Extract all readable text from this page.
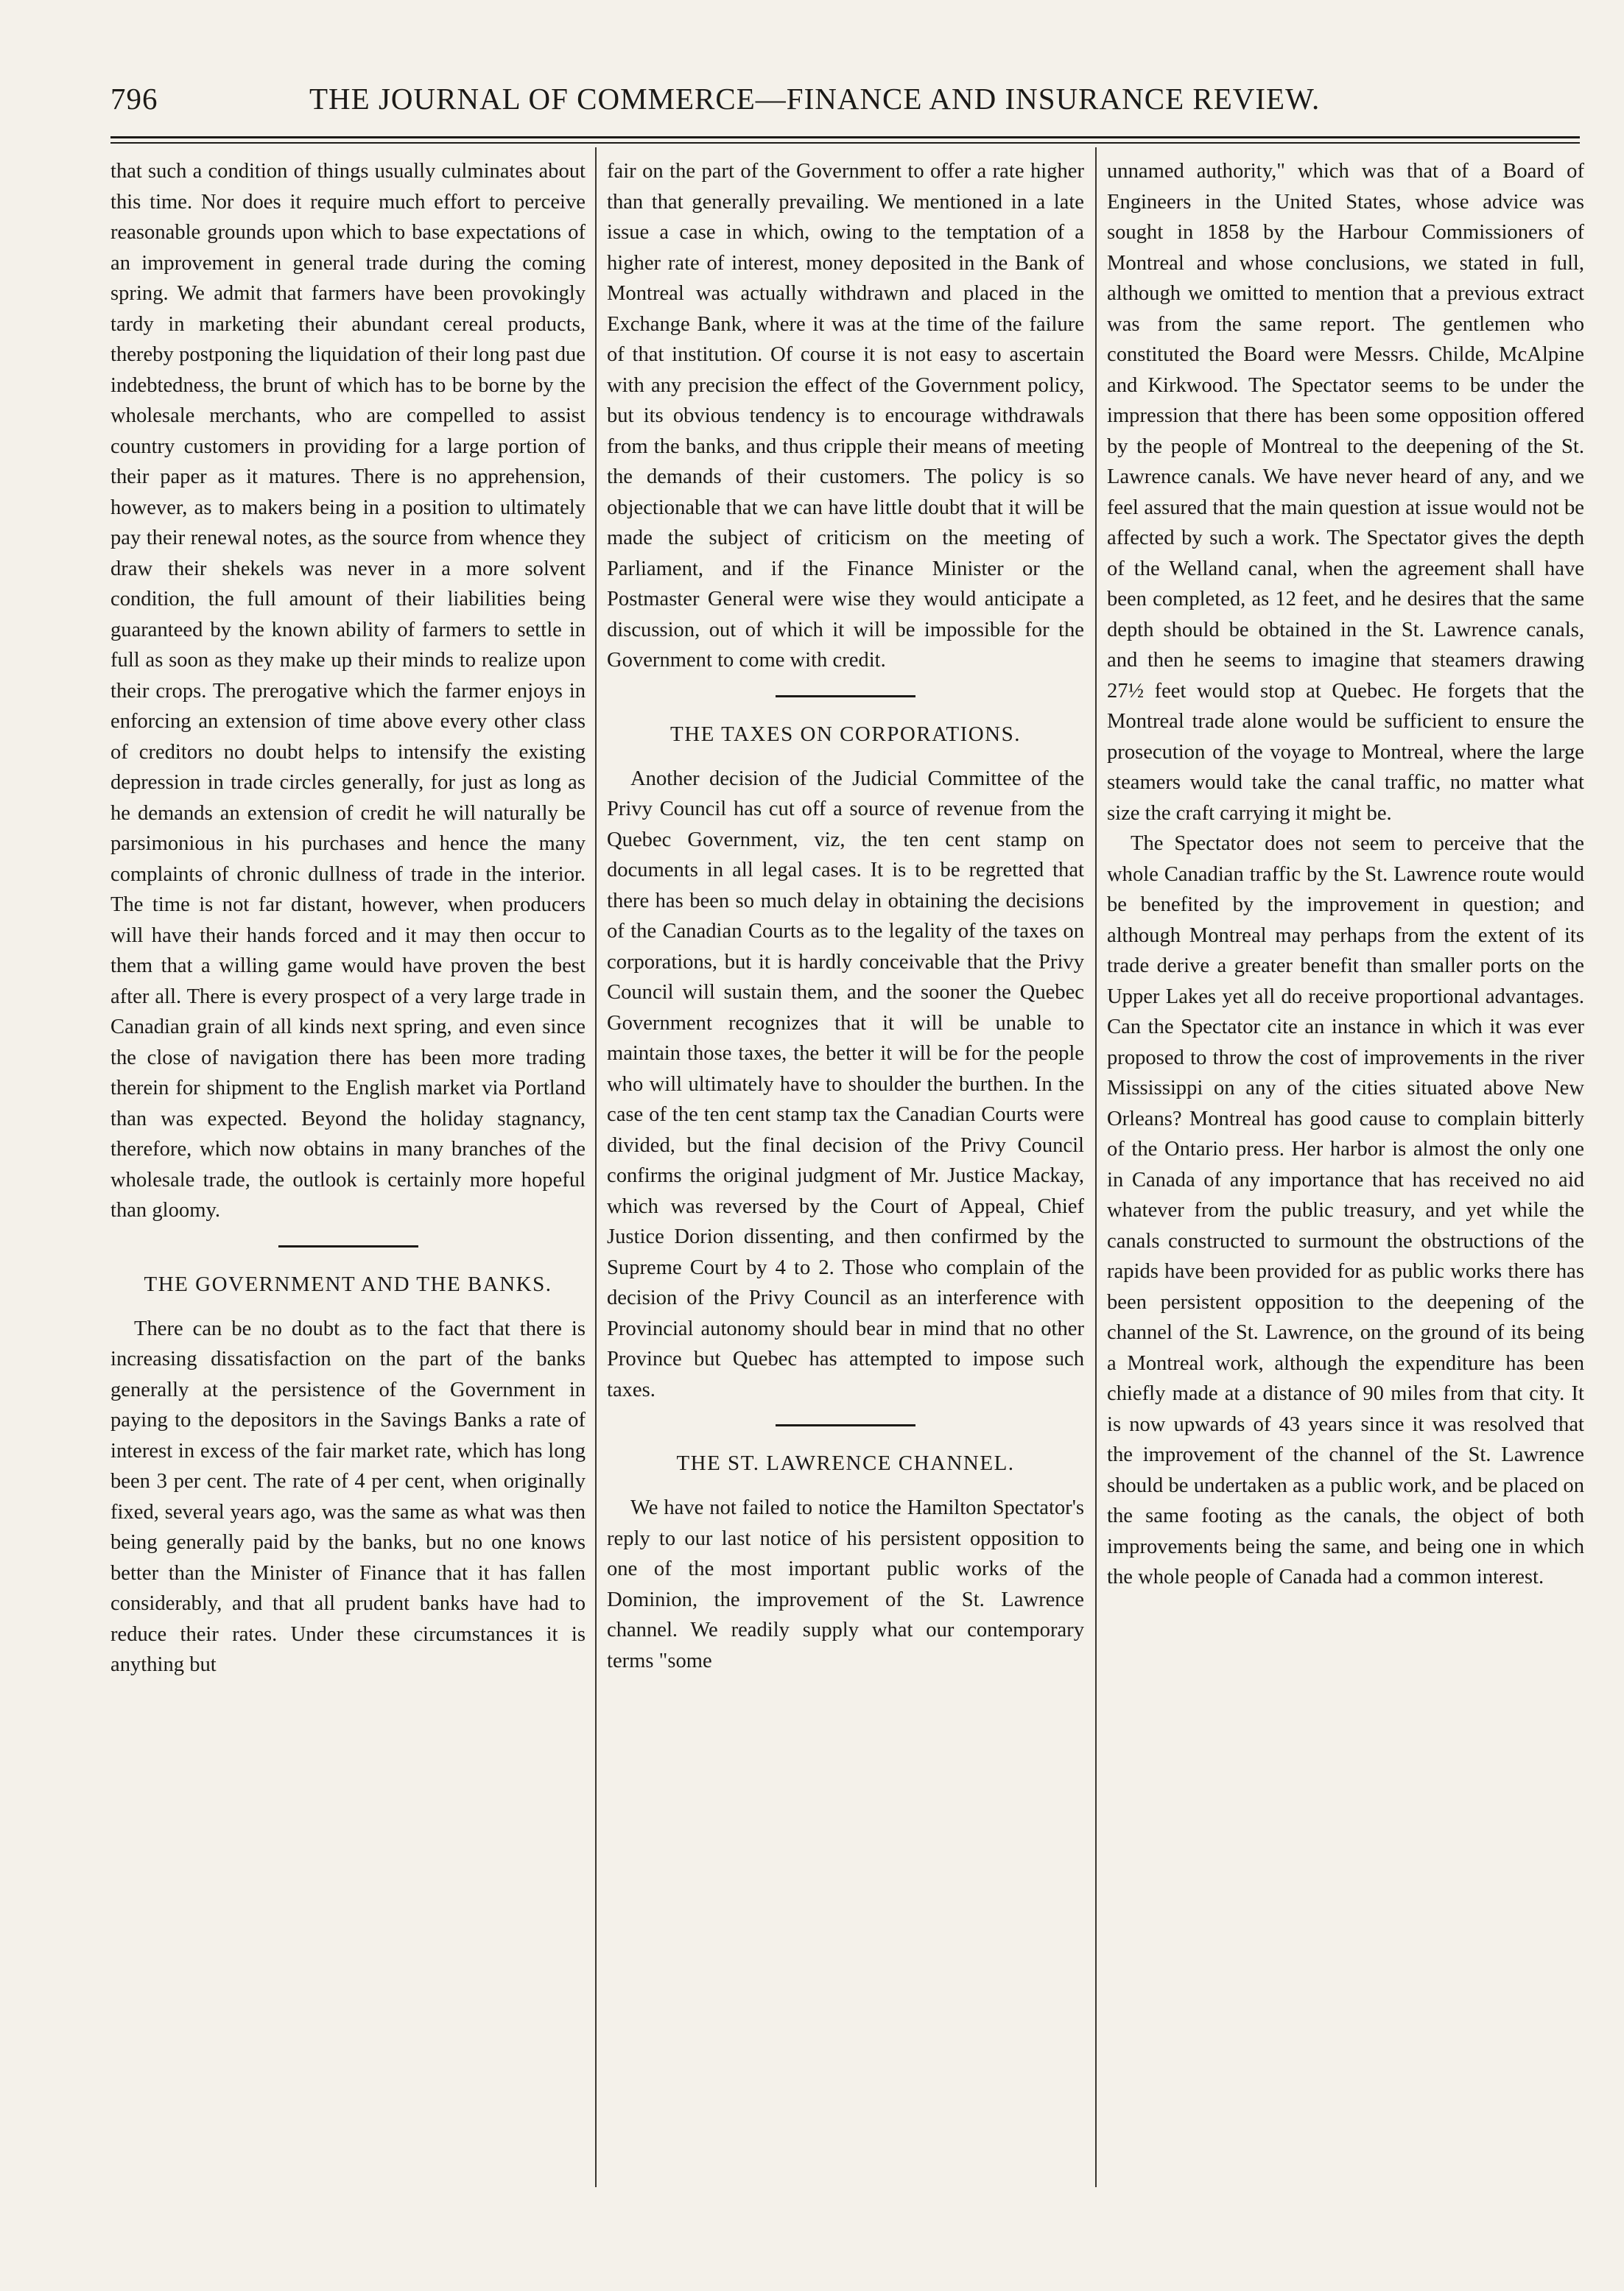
796	THE JOURNAL OF COMMERCE—FINANCE AND INSURANCE REVIEW.

that such a condition of things usually culminates about this time. Nor does it require much effort to perceive reasonable grounds upon which to base expectations of an improvement in general trade during the coming spring. We admit that farmers have been provokingly tardy in marketing their abundant cereal products, thereby postponing the liquidation of their long past due indebtedness, the brunt of which has to be borne by the wholesale merchants, who are compelled to assist country customers in providing for a large portion of their paper as it matures. There is no apprehension, however, as to makers being in a position to ultimately pay their renewal notes, as the source from whence they draw their shekels was never in a more solvent condition, the full amount of their liabilities being guaranteed by the known ability of farmers to settle in full as soon as they make up their minds to realize upon their crops. The prerogative which the farmer enjoys in enforcing an extension of time above every other class of creditors no doubt helps to intensify the existing depression in trade circles generally, for just as long as he demands an extension of credit he will naturally be parsimonious in his purchases and hence the many complaints of chronic dullness of trade in the interior. The time is not far distant, however, when producers will have their hands forced and it may then occur to them that a willing game would have proven the best after all. There is every prospect of a very large trade in Canadian grain of all kinds next spring, and even since the close of navigation there has been more trading therein for shipment to the English market via Portland than was expected. Beyond the holiday stagnancy, therefore, which now obtains in many branches of the wholesale trade, the outlook is certainly more hopeful than gloomy.

THE GOVERNMENT AND THE BANKS.

There can be no doubt as to the fact that there is increasing dissatisfaction on the part of the banks generally at the persistence of the Government in paying to the depositors in the Savings Banks a rate of interest in excess of the fair market rate, which has long been 3 per cent. The rate of 4 per cent, when originally fixed, several years ago, was the same as what was then being generally paid by the banks, but no one knows better than the Minister of Finance that it has fallen considerably, and that all prudent banks have had to reduce their rates. Under these circumstances it is anything but

fair on the part of the Government to offer a rate higher than that generally prevailing. We mentioned in a late issue a case in which, owing to the temptation of a higher rate of interest, money deposited in the Bank of Montreal was actually withdrawn and placed in the Exchange Bank, where it was at the time of the failure of that institution. Of course it is not easy to ascertain with any precision the effect of the Government policy, but its obvious tendency is to encourage withdrawals from the banks, and thus cripple their means of meeting the demands of their customers. The policy is so objectionable that we can have little doubt that it will be made the subject of criticism on the meeting of Parliament, and if the Finance Minister or the Postmaster General were wise they would anticipate a discussion, out of which it will be impossible for the Government to come with credit.

THE TAXES ON CORPORATIONS.

Another decision of the Judicial Committee of the Privy Council has cut off a source of revenue from the Quebec Government, viz, the ten cent stamp on documents in all legal cases. It is to be regretted that there has been so much delay in obtaining the decisions of the Canadian Courts as to the legality of the taxes on corporations, but it is hardly conceivable that the Privy Council will sustain them, and the sooner the Quebec Government recognizes that it will be unable to maintain those taxes, the better it will be for the people who will ultimately have to shoulder the burthen. In the case of the ten cent stamp tax the Canadian Courts were divided, but the final decision of the Privy Council confirms the original judgment of Mr. Justice Mackay, which was reversed by the Court of Appeal, Chief Justice Dorion dissenting, and then confirmed by the Supreme Court by 4 to 2. Those who complain of the decision of the Privy Council as an interference with Provincial autonomy should bear in mind that no other Province but Quebec has attempted to impose such taxes.

THE ST. LAWRENCE CHANNEL.

We have not failed to notice the Hamilton Spectator's reply to our last notice of his persistent opposition to one of the most important public works of the Dominion, the improvement of the St. Lawrence channel. We readily supply what our contemporary terms "some

unnamed authority," which was that of a Board of Engineers in the United States, whose advice was sought in 1858 by the Harbour Commissioners of Montreal and whose conclusions, we stated in full, although we omitted to mention that a previous extract was from the same report. The gentlemen who constituted the Board were Messrs. Childe, McAlpine and Kirkwood. The Spectator seems to be under the impression that there has been some opposition offered by the people of Montreal to the deepening of the St. Lawrence canals. We have never heard of any, and we feel assured that the main question at issue would not be affected by such a work. The Spectator gives the depth of the Welland canal, when the agreement shall have been completed, as 12 feet, and he desires that the same depth should be obtained in the St. Lawrence canals, and then he seems to imagine that steamers drawing 27½ feet would stop at Quebec. He forgets that the Montreal trade alone would be sufficient to ensure the prosecution of the voyage to Montreal, where the large steamers would take the canal traffic, no matter what size the craft carrying it might be.

The Spectator does not seem to perceive that the whole Canadian traffic by the St. Lawrence route would be benefited by the improvement in question; and although Montreal may perhaps from the extent of its trade derive a greater benefit than smaller ports on the Upper Lakes yet all do receive proportional advantages. Can the Spectator cite an instance in which it was ever proposed to throw the cost of improvements in the river Mississippi on any of the cities situated above New Orleans? Montreal has good cause to complain bitterly of the Ontario press. Her harbor is almost the only one in Canada of any importance that has received no aid whatever from the public treasury, and yet while the canals constructed to surmount the obstructions of the rapids have been provided for as public works there has been persistent opposition to the deepening of the channel of the St. Lawrence, on the ground of its being a Montreal work, although the expenditure has been chiefly made at a distance of 90 miles from that city. It is now upwards of 43 years since it was resolved that the improvement of the channel of the St. Lawrence should be undertaken as a public work, and be placed on the same footing as the canals, the object of both improvements being the same, and being one in which the whole people of Canada had a common interest.
